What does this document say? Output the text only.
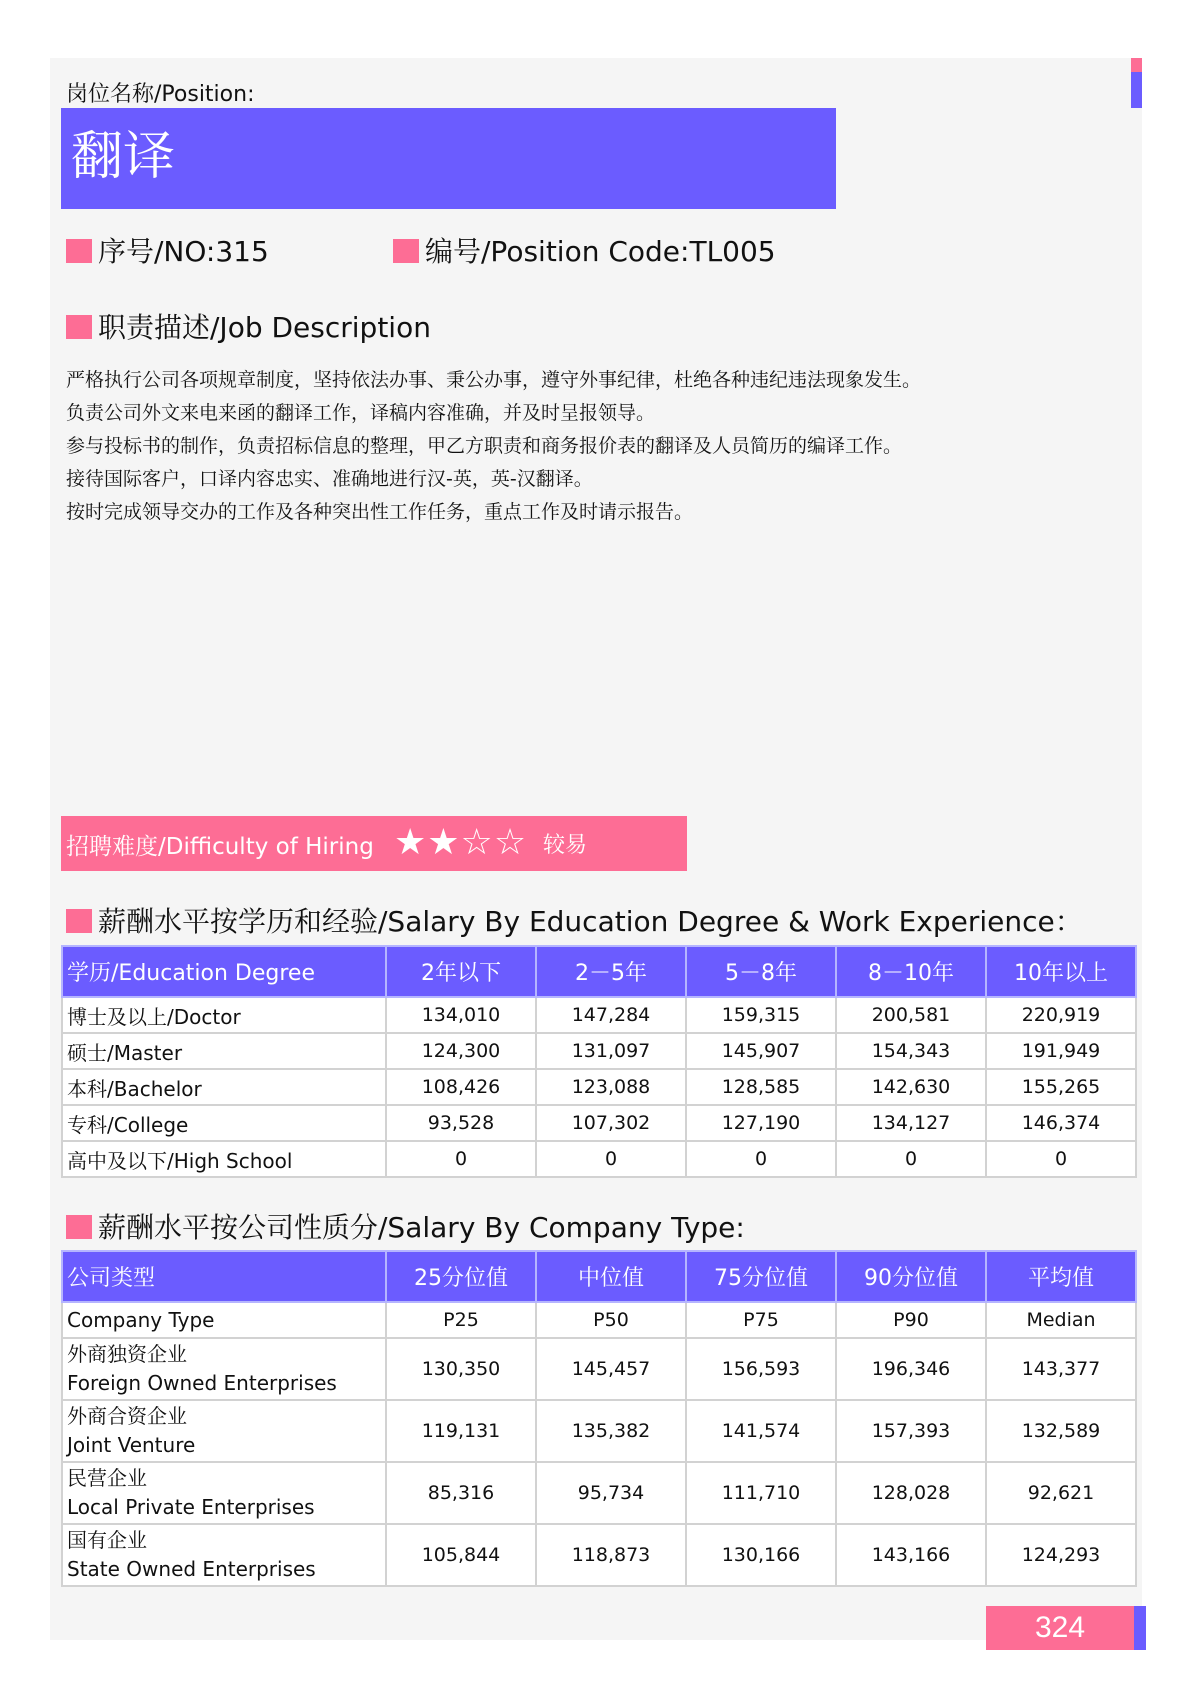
岗位名称/Position:
翻译
序号/NO:315	编号/Position Code:TL005
职责描述/Job Description
严格执行公司各项规章制度，坚持依法办事、秉公办事，遵守外事纪律，杜绝各种违纪违法现象发生。
负责公司外文来电来函的翻译工作，译稿内容准确，并及时呈报领导。
参与投标书的制作，负责招标信息的整理，甲乙方职责和商务报价表的翻译及人员简历的编译工作。
接待国际客户，口译内容忠实、准确地进行汉-英，英-汉翻译。
按时完成领导交办的工作及各种突出性工作任务，重点工作及时请示报告。
招聘难度/Difficulty of Hiring ★★☆☆ 较易
薪酬水平按学历和经验/Salary By Education Degree & Work Experience：
学历/Education Degree	2年以下	2－5年	5－8年	8－10年	10年以上
博士及以上/Doctor	134,010	147,284	159,315	200,581	220,919
硕士/Master	124,300	131,097	145,907	154,343	191,949
本科/Bachelor	108,426	123,088	128,585	142,630	155,265
专科/College	93,528	107,302	127,190	134,127	146,374
高中及以下/High School	0	0	0	0	0
薪酬水平按公司性质分/Salary By Company Type:
公司类型	25分位值	中位值	75分位值	90分位值	平均值
Company Type	P25	P50	P75	P90	Median

外商独资企业
Foreign Owned Enterprises	130,350	145,457	156,593	196,346	143,377

外商合资企业
Joint Venture	119,131	135,382	141,574	157,393	132,589

民营企业
Local Private Enterprises	85,316	95,734	111,710	128,028	92,621

国有企业
State Owned Enterprises	105,844	118,873	130,166	143,166	124,293
324
